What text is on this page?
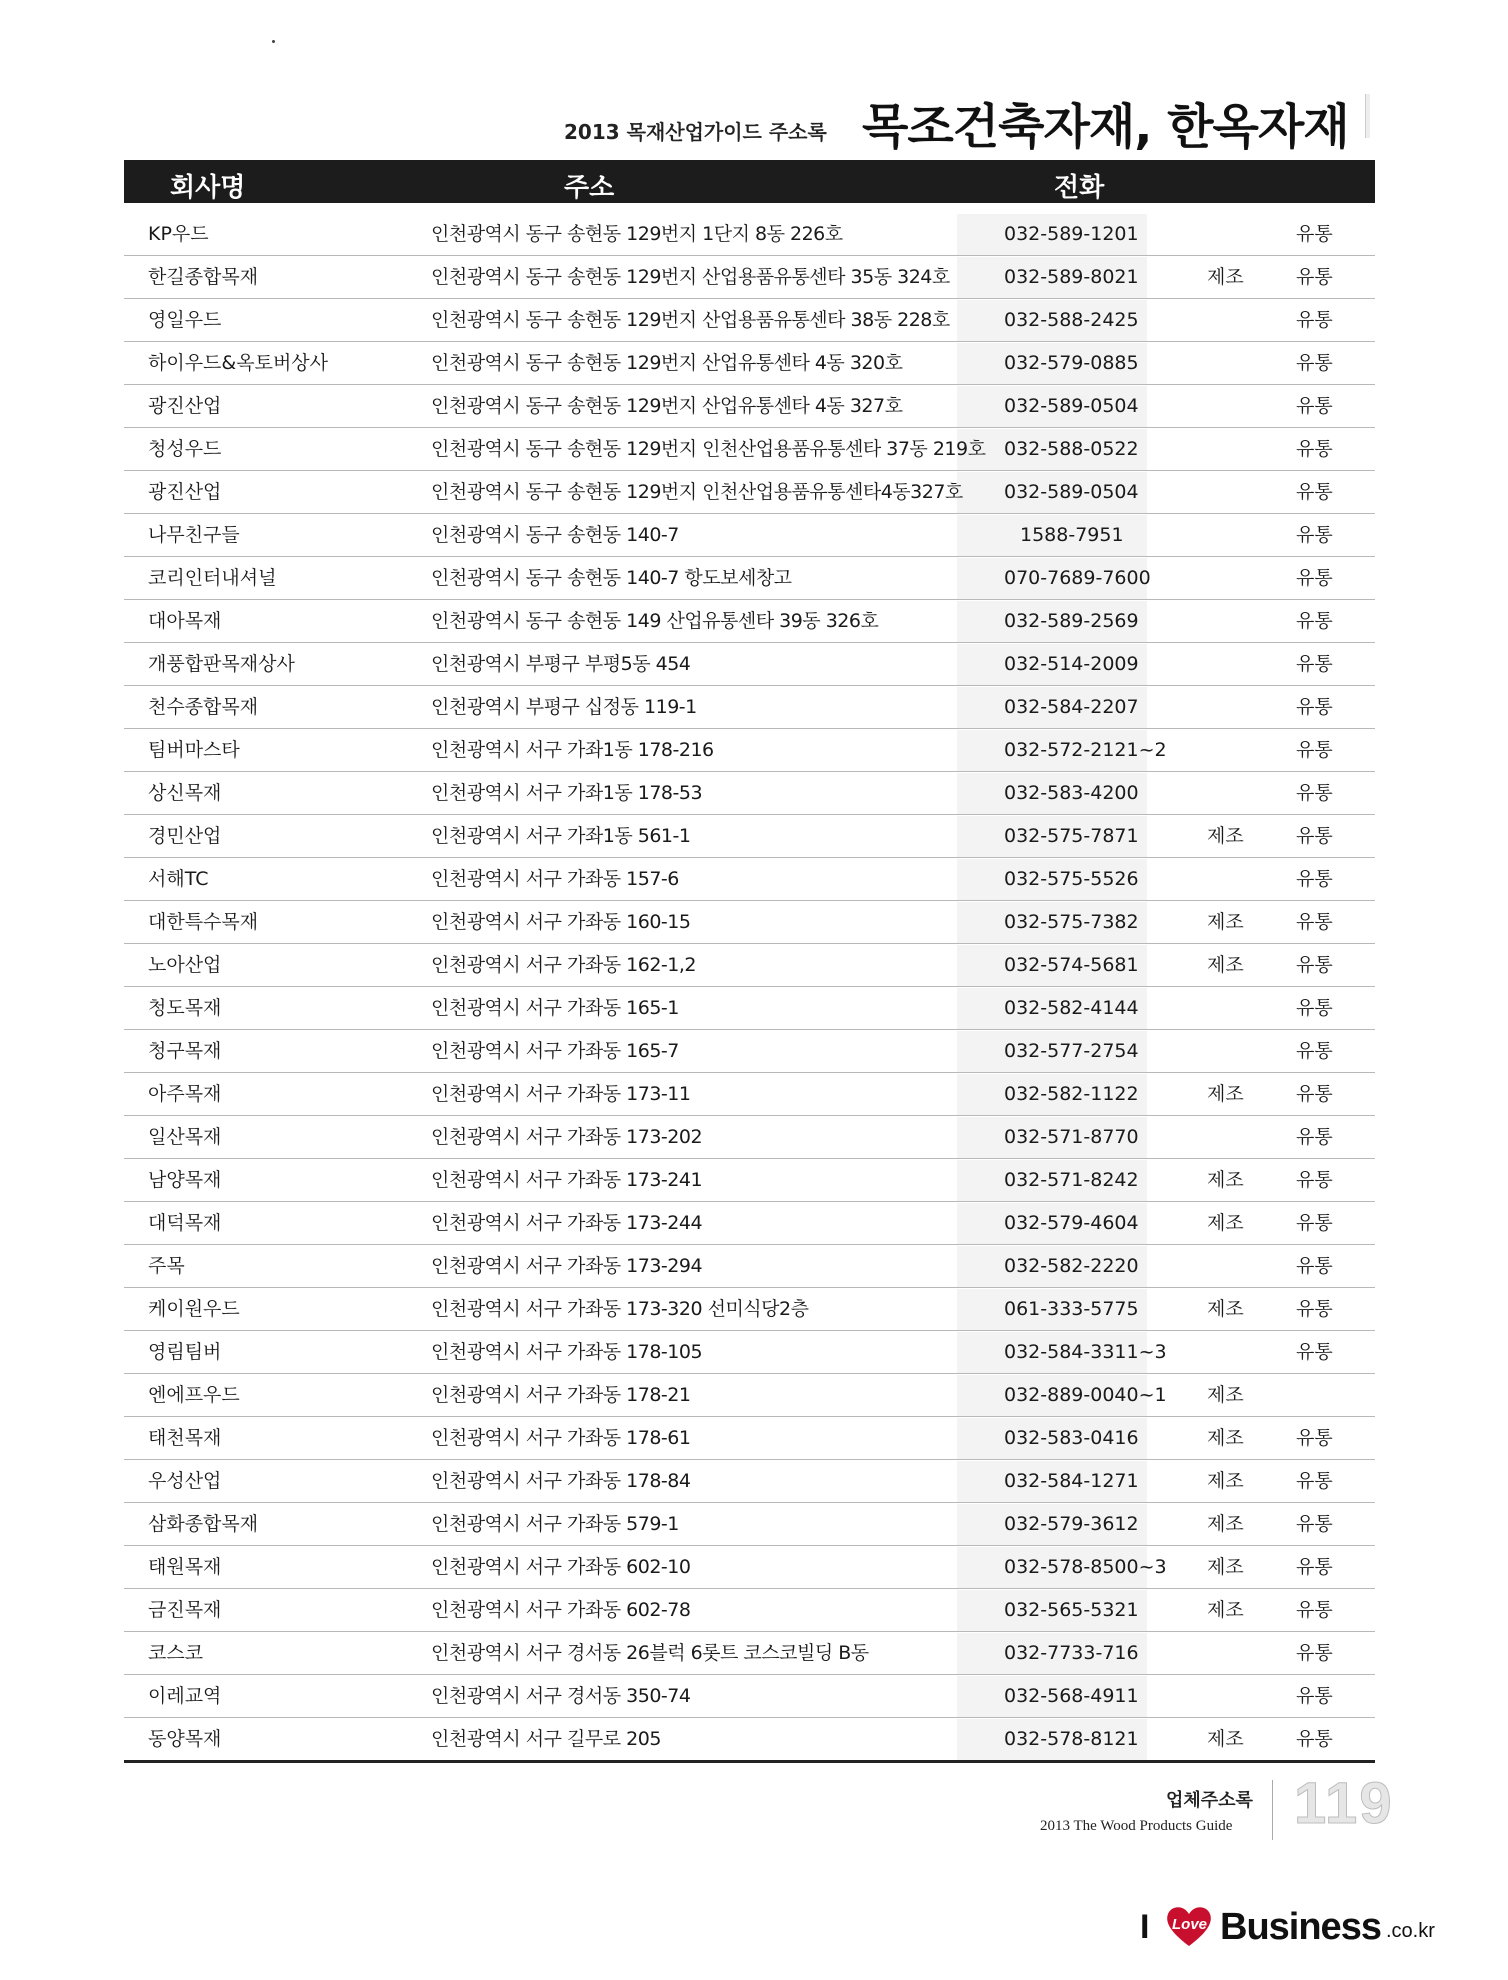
2013 목재산업가이드 주소록 목조건축자재, 한옥자재
회사명	주소	전화
KP우드	인천광역시 동구 송현동 129번지 1단지 8동 226호	032-589-1201	유통
한길종합목재	인천광역시 동구 송현동 129번지 산업용품유통센타 35동 324호	032-589-8021	제조	유통
영일우드	인천광역시 동구 송현동 129번지 산업용품유통센타 38동 228호	032-588-2425	유통
하이우드&옥토버상사	인천광역시 동구 송현동 129번지 산업유통센타 4동 320호	032-579-0885	유통
광진산업	인천광역시 동구 송현동 129번지 산업유통센타 4동 327호	032-589-0504	유통
청성우드	인천광역시 동구 송현동 129번지 인천산업용품유통센타 37동 219호 032-588-0522	유통
광진산업	인천광역시 동구 송현동 129번지 인천산업용품유통센타4동327호 032-589-0504	유통
나무친구들	인천광역시 동구 송현동 140-7	1588-7951	유통
코리인터내셔널	인천광역시 동구 송현동 140-7 항도보세창고	070-7689-7600	유통
대아목재	인천광역시 동구 송현동 149 산업유통센타 39동 326호	032-589-2569	유통
개풍합판목재상사	인천광역시 부평구 부평5동 454	032-514-2009	유통
천수종합목재	인천광역시 부평구 십정동 119-1	032-584-2207	유통
팀버마스타	인천광역시 서구 가좌1동 178-216	032-572-2121~2	유통
상신목재	인천광역시 서구 가좌1동 178-53	032-583-4200	유통
경민산업	인천광역시 서구 가좌1동 561-1	032-575-7871	제조	유통
서해TC	인천광역시 서구 가좌동 157-6	032-575-5526	유통
대한특수목재	인천광역시 서구 가좌동 160-15	032-575-7382	제조	유통
노아산업	인천광역시 서구 가좌동 162-1,2	032-574-5681	제조	유통
청도목재	인천광역시 서구 가좌동 165-1	032-582-4144	유통
청구목재	인천광역시 서구 가좌동 165-7	032-577-2754	유통
아주목재	인천광역시 서구 가좌동 173-11	032-582-1122	제조	유통
일산목재	인천광역시 서구 가좌동 173-202	032-571-8770	유통
남양목재	인천광역시 서구 가좌동 173-241	032-571-8242	제조	유통
대덕목재	인천광역시 서구 가좌동 173-244	032-579-4604	제조	유통
주목	인천광역시 서구 가좌동 173-294	032-582-2220	유통
케이원우드	인천광역시 서구 가좌동 173-320 선미식당2층	061-333-5775	제조	유통
영림팀버	인천광역시 서구 가좌동 178-105	032-584-3311~3	유통
엔에프우드	인천광역시 서구 가좌동 178-21	032-889-0040~1 제조
태천목재	인천광역시 서구 가좌동 178-61	032-583-0416	제조	유통
우성산업	인천광역시 서구 가좌동 178-84	032-584-1271	제조	유통
삼화종합목재	인천광역시 서구 가좌동 579-1	032-579-3612	제조	유통
태원목재	인천광역시 서구 가좌동 602-10	032-578-8500~3 제조	유통
금진목재	인천광역시 서구 가좌동 602-78	032-565-5321	제조	유통
코스코	인천광역시 서구 경서동 26블럭 6롯트 코스코빌딩 B동	032-7733-716	유통
이레교역	인천광역시 서구 경서동 350-74	032-568-4911	유통
동양목재	인천광역시 서구 길무로 205	032-578-8121	제조	유통
업체주소록
2013 The Wood Products Guide 119
I Love Business .co.kr
